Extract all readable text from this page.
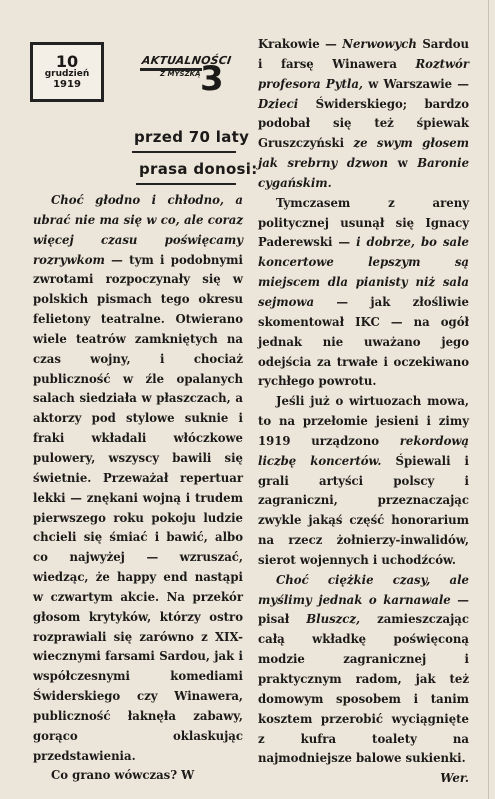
10
grudzień
1919
AKTUALNOŚCI
Z MYSZKĄ 3
przed 70 laty
prasa donosi:

Choć głodno i chłodno, a ubrać nie ma się w co, ale coraz więcej czasu poświęcamy rozrywkom — tym i podobnymi zwrotami rozpoczynały się w polskich pismach tego okresu felietony teatralne. Otwierano wiele teatrów zamkniętych na czas wojny, i chociaż publiczność w źle opalanych salach siedziała w płaszczach, a aktorzy pod stylowe suknie i fraki wkładali włóczkowe pulowery, wszyscy bawili się świetnie. Przeważał repertuar lekki — znękani wojną i trudem pierwszego roku pokoju ludzie chcieli się śmiać i bawić, albo co najwyżej — wzruszać, wiedząc, że happy end nastąpi w czwartym akcie. Na przekór głosom krytyków, którzy ostro rozprawiali się zarówno z XIX-wiecznymi farsami Sardou, jak i współczesnymi komediami Świderskiego czy Winawera, publiczność łaknęła zabawy, gorąco oklaskując przedstawienia.

Co grano wówczas? W

Krakowie — Nerwowych Sardou i farsę Winawera Roztwór profesora Pytla, w Warszawie — Dzieci Świderskiego; bardzo podobał się też śpiewak Gruszczyński ze swym głosem jak srebrny dzwon w Baronie cygańskim.

Tymczasem z areny politycznej usunął się Ignacy Paderewski — i dobrze, bo sale koncertowe lepszym są miejscem dla pianisty niż sala sejmowa — jak złośliwie skomentował IKC — na ogół jednak nie uważano jego odejścia za trwałe i oczekiwano rychłego powrotu.

Jeśli już o wirtuozach mowa, to na przełomie jesieni i zimy 1919 urządzono rekordową liczbę koncertów. Śpiewali i grali artyści polscy i zagraniczni, przeznaczając zwykle jakąś część honorarium na rzecz żołnierzy-inwalidów, sierot wojennych i uchodźców.

Choć ciężkie czasy, ale myślimy jednak o karnawale — pisał Bluszcz, zamieszczając całą wkładkę poświęconą modzie zagranicznej i praktycznym radom, jak też domowym sposobem i tanim kosztem przerobić wyciągnięte z kufra toalety na najmodniejsze balowe sukienki.

Wer.
